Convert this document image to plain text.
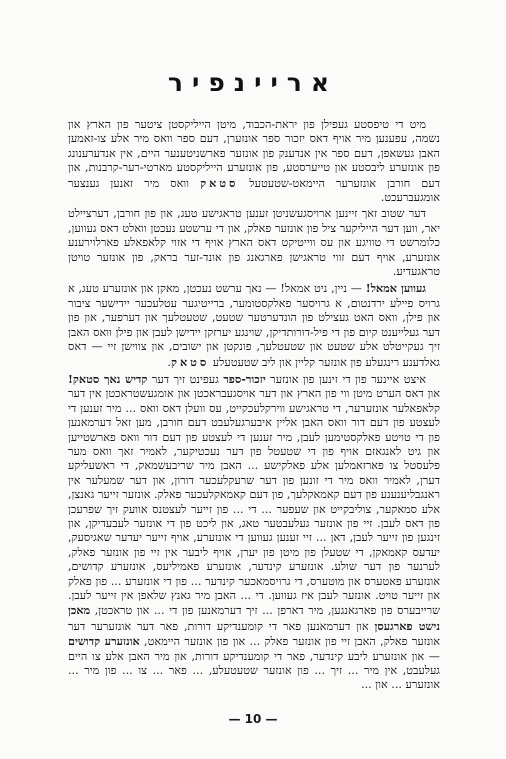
אריינפיר

מיט די טיפסטע געפילן פון יראת-הכבוד, מיטן הייליקסטן ציטער פון הארץ און נשמה, עפענען מיר אויף דאס יזכור ספר אונזערן, דעם ספר וואס מיר אלע צו-זאמען האבן געשאפן, דעם ספר אין אנדענק פון אונזער פארשניטענער היים, אין אנדערענונג פון אונזערע ליבסטע און טייערסטע, פון אונזערע הייליקסטע מארטי-רער-קרבנות, און דעם חורבן אונזערער היימאט-שטעטעל סטאק וואס מיר זאנען גענצער אומגעברעכט.

דער שטוב זאך זיינען ארויסגעשניטן זענען טראגישע טעג, און פון חורבן, דערציילט יאר, ווען דער הייליקער ציל פון אונזער פאלק, און די ערשטע נעכטן וואלט דאס געווען, כלומרשט די טוויגע און עס ווייטיקט דאס הארץ אויף די אזוי קלאפאלע פארלוירענע אונזערע, אויף דעם זווי טראגישן פארגאנג פון אונד-זער בראק, פון אונזער טויטן טראגעדיע.

געווען אמאל! — ניין, ניט אמאל! — נאך ערשט נעכטן, מאקן און אונזערע טעג, א גרויס פיילע ירדנטום, א גרויסער פאלקסטומער, ברייטיגער עטלעכער יידישער ציבור און פילן, וואס האט געצילט פון הונדערטער שטעט, שטעטלעך און דערפער, און פון דער געלייענט קיום פון די פיל-דורותדיקן, שוינגע יערזקן יידישן לעבן און פילן וואס האבן זיך געקייטלט אלע שטעט און שטעטלעך, פונקטן און ישובים, און צווישן זיי — דאס גאלדענע רינגעלע פון אונזער קליין און ליב שטעטעלע סטאק.

איצט איינער פון די זינען פון אונזער יזכור-ספר געפינט זיך דער קדיש נאך סטאק! און דאס הערט מיטן ווי פון הארץ און דער אויסגעבראכטן און אומגעשטראכטן אין דער קלאפאלער אונזערער, די טראגישע ווירקלעכקייט, עס וועלן דאס וואס ... מיר זענען די לעצטע פון דעם דור וואס האבן אליין איבערגעלעבט דעם חורבן, מען זאל דערמאנען פון די טויטע פאלקסטימען לעבן, מיר זענען די לעצטע פון דעם דור וואס פארשטייען און גיט לאנגאזם אויף פון די שטעטל פון דער נעכטיקער, לאמיר זאך וואס מער פלעסטל צו פארזאמלען אלע פאלקישע ... האבן מיר שריבעשמאק, די ראשעליקע דערן, לאמיר וואס מיר די זונען פון דער שרעקלעכער דורון, און דער שמעלער אין ראנגבליענענע פון דעם קאמאקלעך, פון דעם קאמאקלעכער פאלק. אונזער זייער גאנצן, אלע סמאקער, צוליבקייט און שעפער ... די ... פון זייער לעצטנס אוועק זיך שפרעכן פון דאס לעבן. זיי פון אונזער געלעבטער טאג, און ליכט פון די אונזער לעבעדיקן, און זינגען פון זייער לעבן, דאן ... זיי זענען געווען די אונזערע, אויף זייער יעדער שאגיסעק, יעדעס קאמאקן, די שטעלן פון מיטן פון יערן, אויף ליבער אין זיי פון אונזער פאלק, לערנער פון דער שולע. אונזערע קינדער, אונזערע פאמיליעס, אונזערע קדושים, אונזערע פאטערס און מוטערס, די גרויסמאכער קינדער ... פון די אונזערע ... פון פאלק און זייער טויט. אונזער לעבן איז געווען. די ... האבן מיר גאנץ שלאפן אין זייער לעבן. שרייבערס פון פארגאנגען, מיר דארפן ... זיך דערמאנען פון די ... און טראכטן, מאכן נישט פארגעסן און דערמאנען פאר די קומענדיקע דורות, פאר דער אונזערער דער אונזער פאלק, האבן זיי פון אונזער פאלק ... און פון אונזער היימאט, אונזערע קדושים — און אונזערע ליבע קינדער, פאר די קומענדיקע דורות, און מיר האבן אלע צו היים געלעבט, אין מיר ... זיך ... פון אונזער שטעטעלע, ... פאר ... צו ... פון מיר ... אונזערע ... און ...

— 10 —
